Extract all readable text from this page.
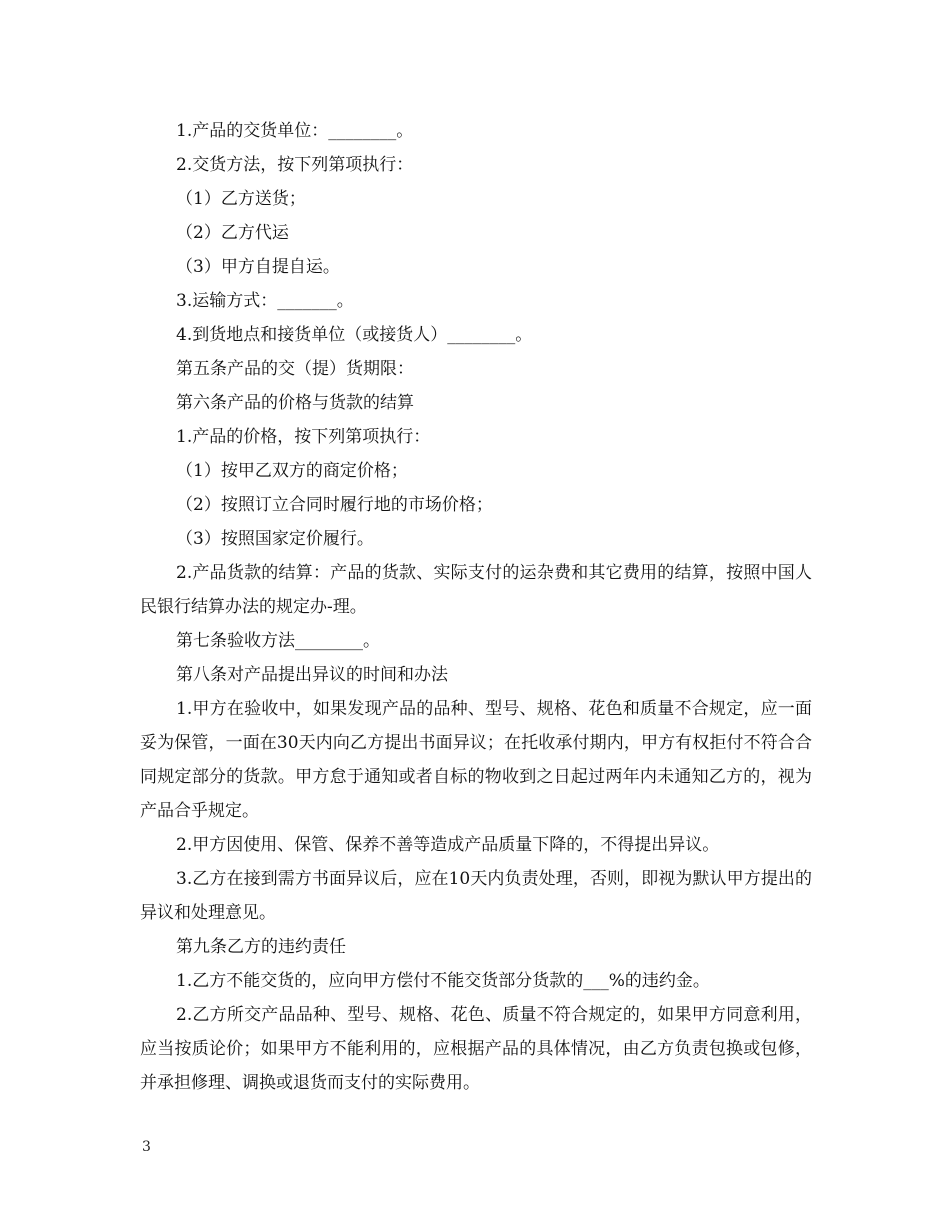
1.产品的交货单位：________。

2.交货方法，按下列第项执行：

（1）乙方送货；

（2）乙方代运

（3）甲方自提自运。

3.运输方式：_______。

4.到货地点和接货单位（或接货人）________。

第五条产品的交（提）货期限：

第六条产品的价格与货款的结算

1.产品的价格，按下列第项执行：

（1）按甲乙双方的商定价格；

（2）按照订立合同时履行地的市场价格；

（3）按照国家定价履行。

2.产品货款的结算：产品的货款、实际支付的运杂费和其它费用的结算，按照中国人民银行结算办法的规定办-理。

第七条验收方法________。

第八条对产品提出异议的时间和办法

1.甲方在验收中，如果发现产品的品种、型号、规格、花色和质量不合规定，应一面妥为保管，一面在30天内向乙方提出书面异议；在托收承付期内，甲方有权拒付不符合合同规定部分的货款。甲方怠于通知或者自标的物收到之日起过两年内未通知乙方的，视为产品合乎规定。

2.甲方因使用、保管、保养不善等造成产品质量下降的，不得提出异议。

3.乙方在接到需方书面异议后，应在10天内负责处理，否则，即视为默认甲方提出的异议和处理意见。

第九条乙方的违约责任

1.乙方不能交货的，应向甲方偿付不能交货部分货款的___%的违约金。

2.乙方所交产品品种、型号、规格、花色、质量不符合规定的，如果甲方同意利用，应当按质论价；如果甲方不能利用的，应根据产品的具体情况，由乙方负责包换或包修，并承担修理、调换或退货而支付的实际费用。

3
